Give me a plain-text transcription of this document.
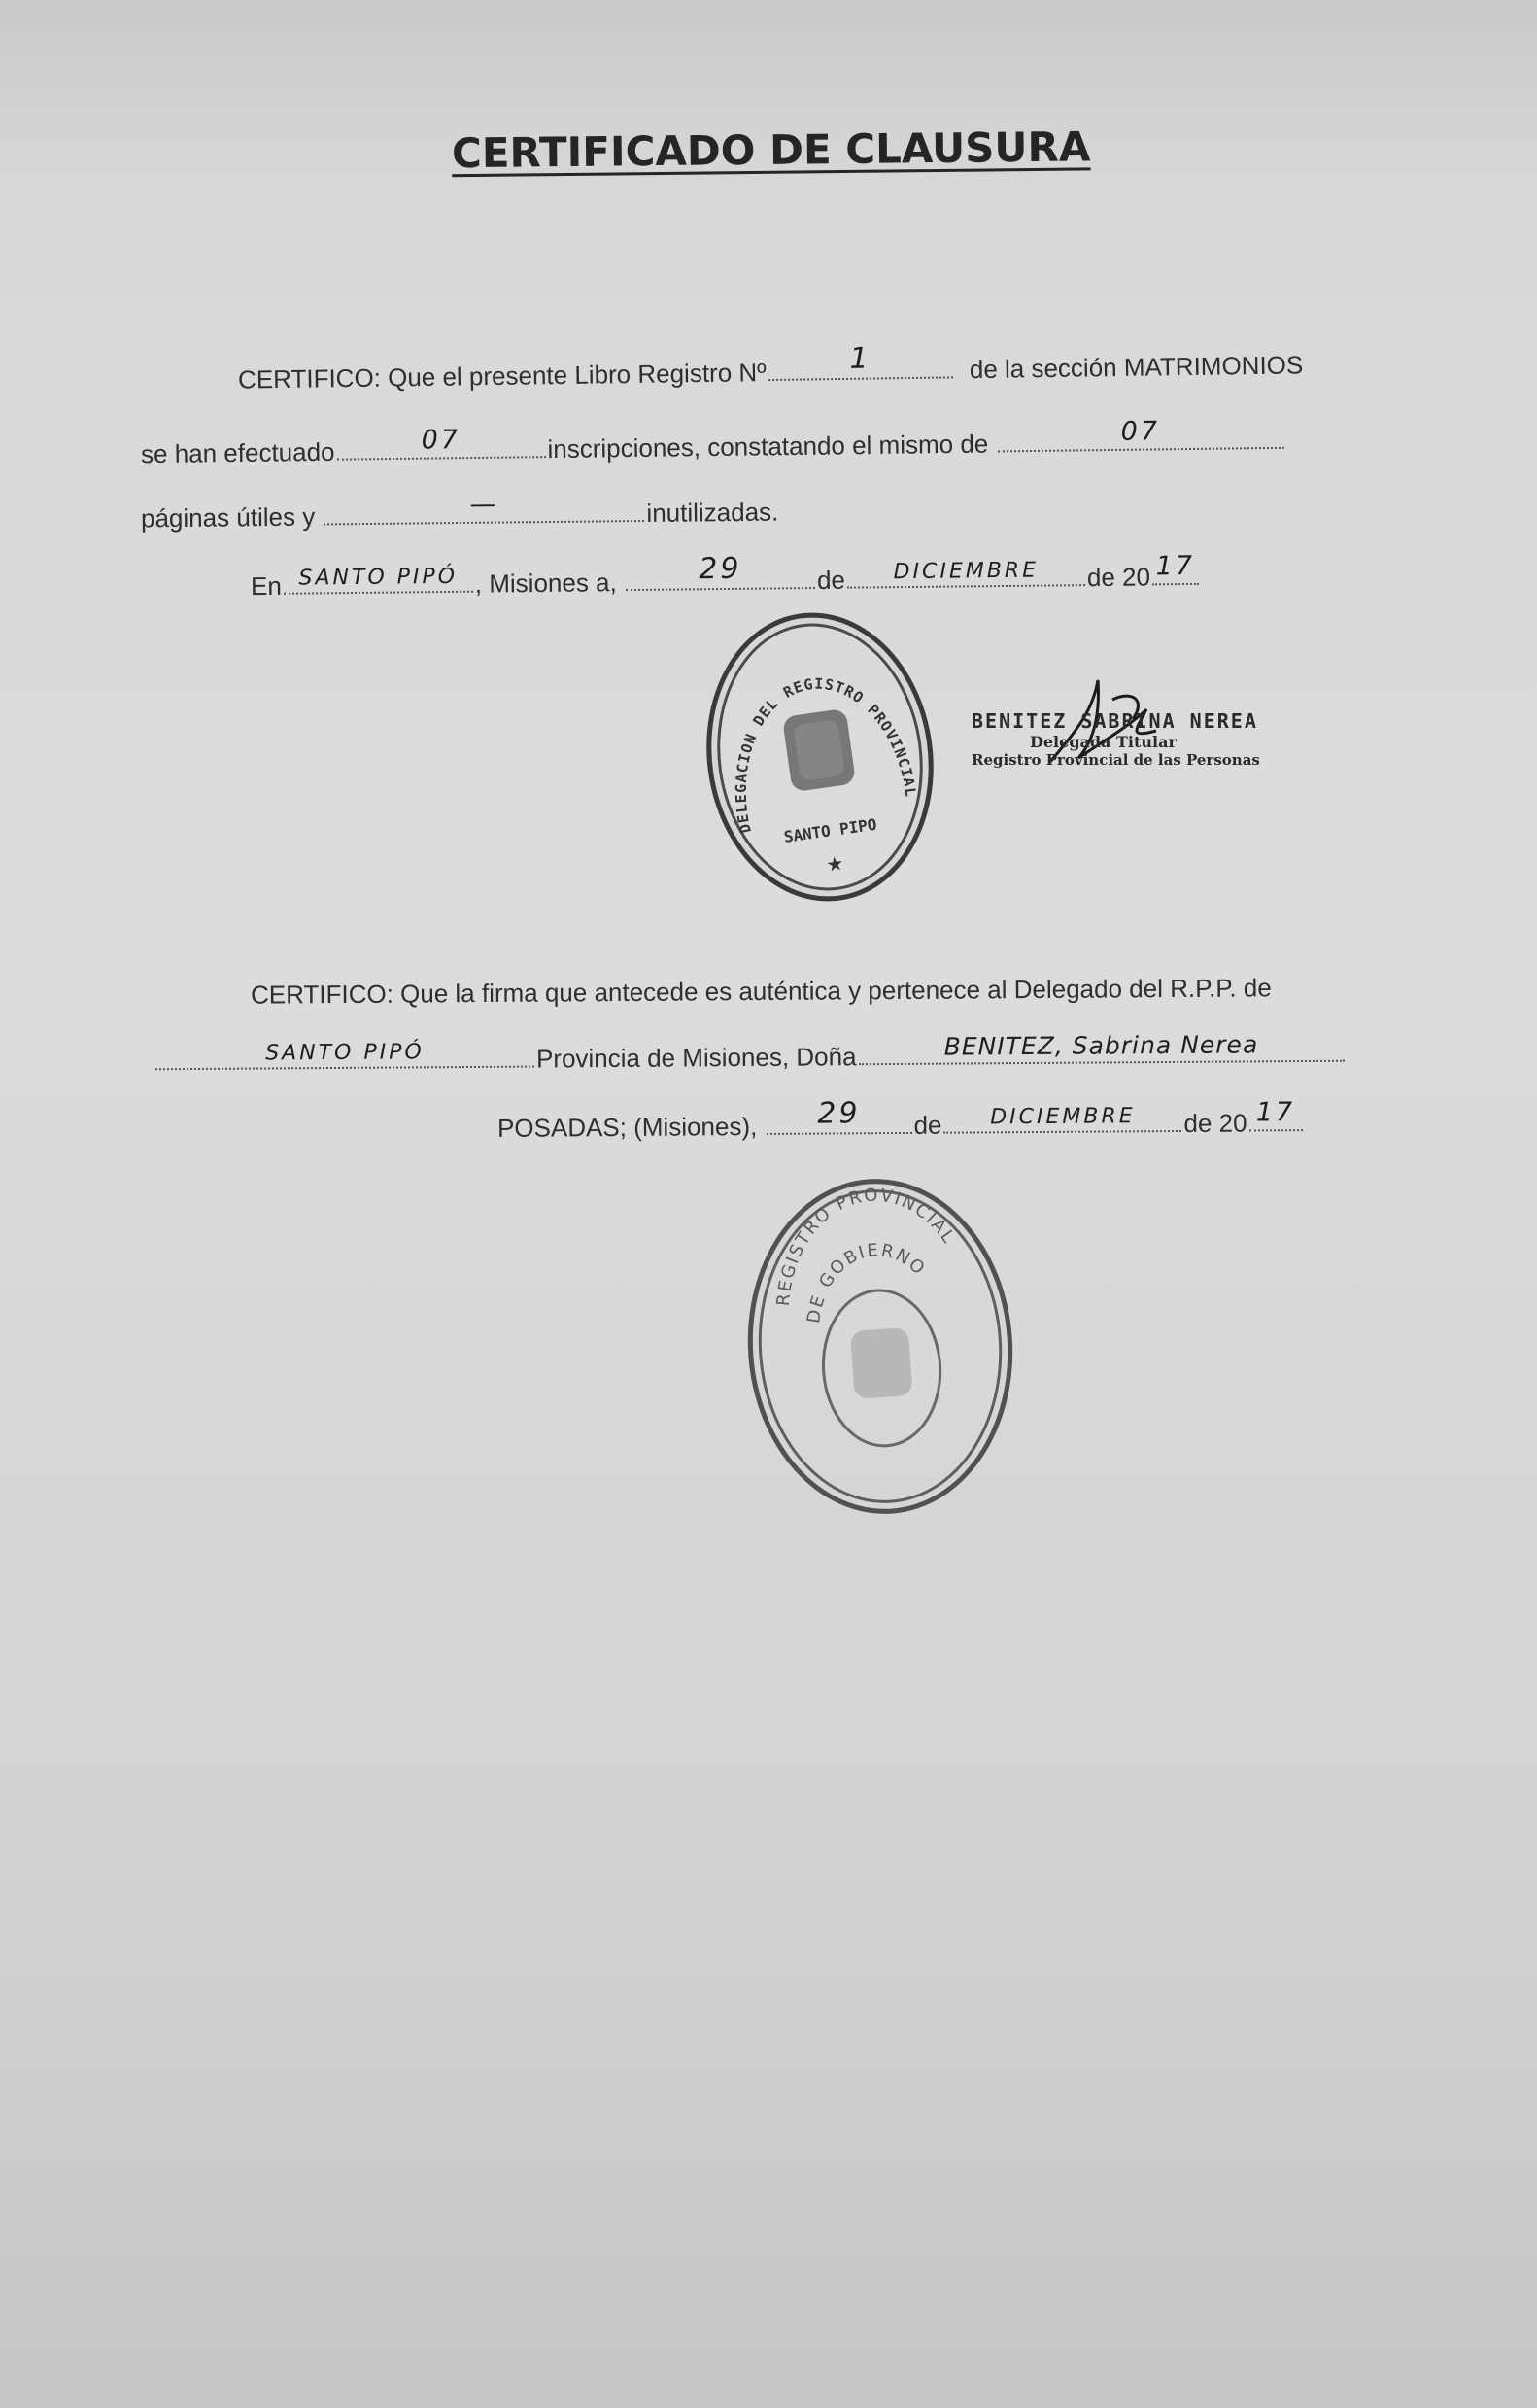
CERTIFICADO DE CLAUSURA
CERTIFICO: Que el presente Libro Registro Nº	1	de la sección MATRIMONIOS
se han efectuado	07	inscripciones, constatando el mismo de	07
páginas útiles y	—	inutilizadas.
En SANTO PIPÓ , Misiones a,	29	de DICIEMBRE de 20 17
DELEGACION DEL REGISTRO PROVINCIAL DE LAS PERSONAS
SANTO PIPO
★
BENITEZ SABRINA NEREA
Delegada Titular
Registro Provincial de las Personas
CERTIFICO: Que la firma que antecede es auténtica y pertenece al Delegado del R.P.P. de
SANTO PIPÓ	Provincia de Misiones, Doña	BENITEZ, Sabrina Nerea
POSADAS; (Misiones), 29 de DICIEMBRE de 20 17
REGISTRO PROVINCIAL
DE GOBIERNO
